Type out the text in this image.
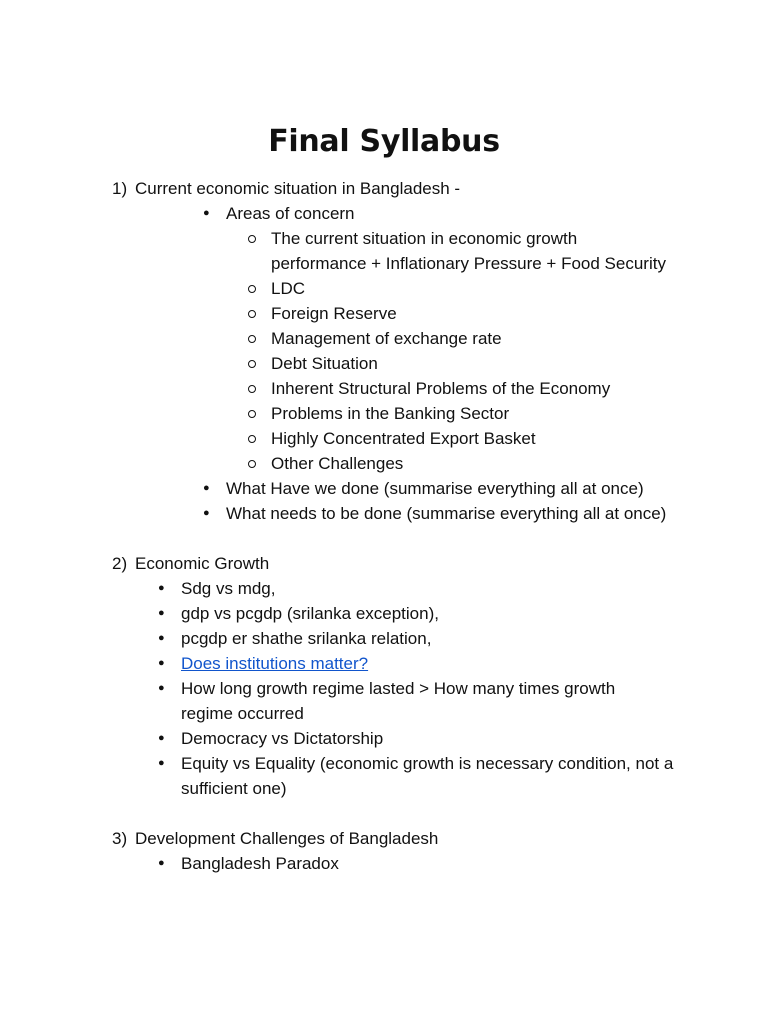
Final Syllabus
1) Current economic situation in Bangladesh -
● Areas of concern
The current situation in economic growth
performance + Inflationary Pressure + Food Security
LDC
Foreign Reserve
Management of exchange rate
Debt Situation
Inherent Structural Problems of the Economy
Problems in the Banking Sector
Highly Concentrated Export Basket
Other Challenges
● What Have we done (summarise everything all at once)
● What needs to be done (summarise everything all at once)
2) Economic Growth
● Sdg vs mdg,
● gdp vs pcgdp (srilanka exception),
● pcgdp er shathe srilanka relation,
● Does institutions matter?
● How long growth regime lasted > How many times growth
regime occurred
● Democracy vs Dictatorship
● Equity vs Equality (economic growth is necessary condition, not a
sufficient one)
3) Development Challenges of Bangladesh
● Bangladesh Paradox
